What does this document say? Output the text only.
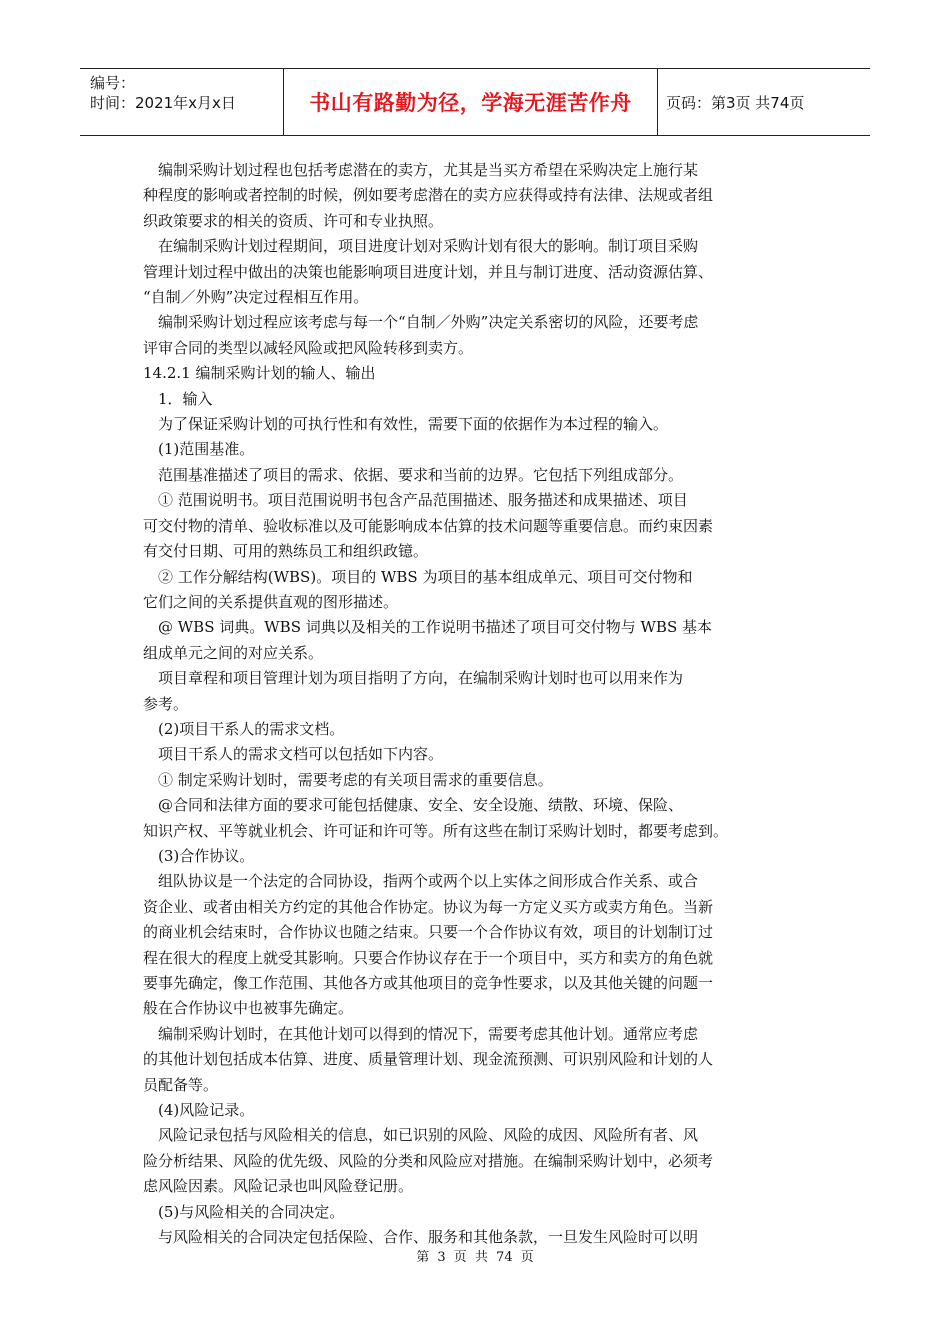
编号：
时间：2021年x月x日	书山有路勤为径，学海无涯苦作舟 页码：第3页 共74页

编制采购计划过程也包括考虑潜在的卖方，尤其是当买方希望在采购决定上施行某

种程度的影响或者控制的时候，例如要考虑潜在的卖方应获得或持有法律、法规或者组

织政策要求的相关的资质、许可和专业执照。

在编制采购计划过程期间，项目进度计划对采购计划有很大的影响。制订项目采购

管理计划过程中做出的决策也能影响项目进度计划，并且与制订进度、活动资源估算、

“自制／外购”决定过程相互作用。

编制采购计划过程应该考虑与每一个“自制／外购”决定关系密切的风险，还要考虑

评审合同的类型以减轻风险或把风险转移到卖方。

14.2.1 编制采购计划的输人、输出

1．输入

为了保证采购计划的可执行性和有效性，需要下面的依据作为本过程的输入。

(1)范围基准。

范围基准描述了项目的需求、依据、要求和当前的边界。它包括下列组成部分。

① 范围说明书。项目范围说明书包含产品范围描述、服务描述和成果描述、项目

可交付物的清单、验收标准以及可能影响成本估算的技术问题等重要信息。而约束因素

有交付日期、可用的熟练员工和组织政镱。

② 工作分解结构(WBS)。项目的 WBS 为项目的基本组成单元、项目可交付物和

它们之间的关系提供直观的图形描述。

@ WBS 词典。WBS 词典以及相关的工作说明书描述了项目可交付物与 WBS 基本

组成单元之间的对应关系。

项目章程和项目管理计划为项目指明了方向，在编制采购计划时也可以用来作为

参考。

(2)项目干系人的需求文档。

项目干系人的需求文档可以包括如下内容。

① 制定采购计划时，需要考虑的有关项目需求的重要信息。

@合同和法律方面的要求可能包括健康、安全、安全设施、绩散、环境、保险、

知识产权、平等就业机会、许可证和许可等。所有这些在制订采购计划时，都要考虑到。

(3)合作协议。

组队协议是一个法定的合同协设，指两个或两个以上实体之间形成合作关系、或合

资企业、或者由相关方约定的其他合作协定。协议为每一方定义买方或卖方角色。当新

的商业机会结束时，合作协议也随之结束。只要一个合作协议有效，项目的计划制订过

程在很大的程度上就受其影响。只要合作协议存在于一个项目中，买方和卖方的角色就

要事先确定，像工作范围、其他各方或其他项目的竞争性要求，以及其他关键的问题一

般在合作协议中也被事先确定。

编制采购计划时，在其他计划可以得到的情况下，需要考虑其他计划。通常应考虑

的其他计划包括成本估算、进度、质量管理计划、现金流预测、可识别风险和计划的人

员配备等。

(4)风险记录。

风险记录包括与风险相关的信息，如已识别的风险、风险的成因、风险所有者、风

险分析结果、风险的优先级、风险的分类和风险应对措施。在编制采购计划中，必须考

虑风险因素。风险记录也叫风险登记册。

(5)与风险相关的合同决定。

与风险相关的合同决定包括保险、合作、服务和其他条款，一旦发生风险时可以明

第 3 页 共 74 页
